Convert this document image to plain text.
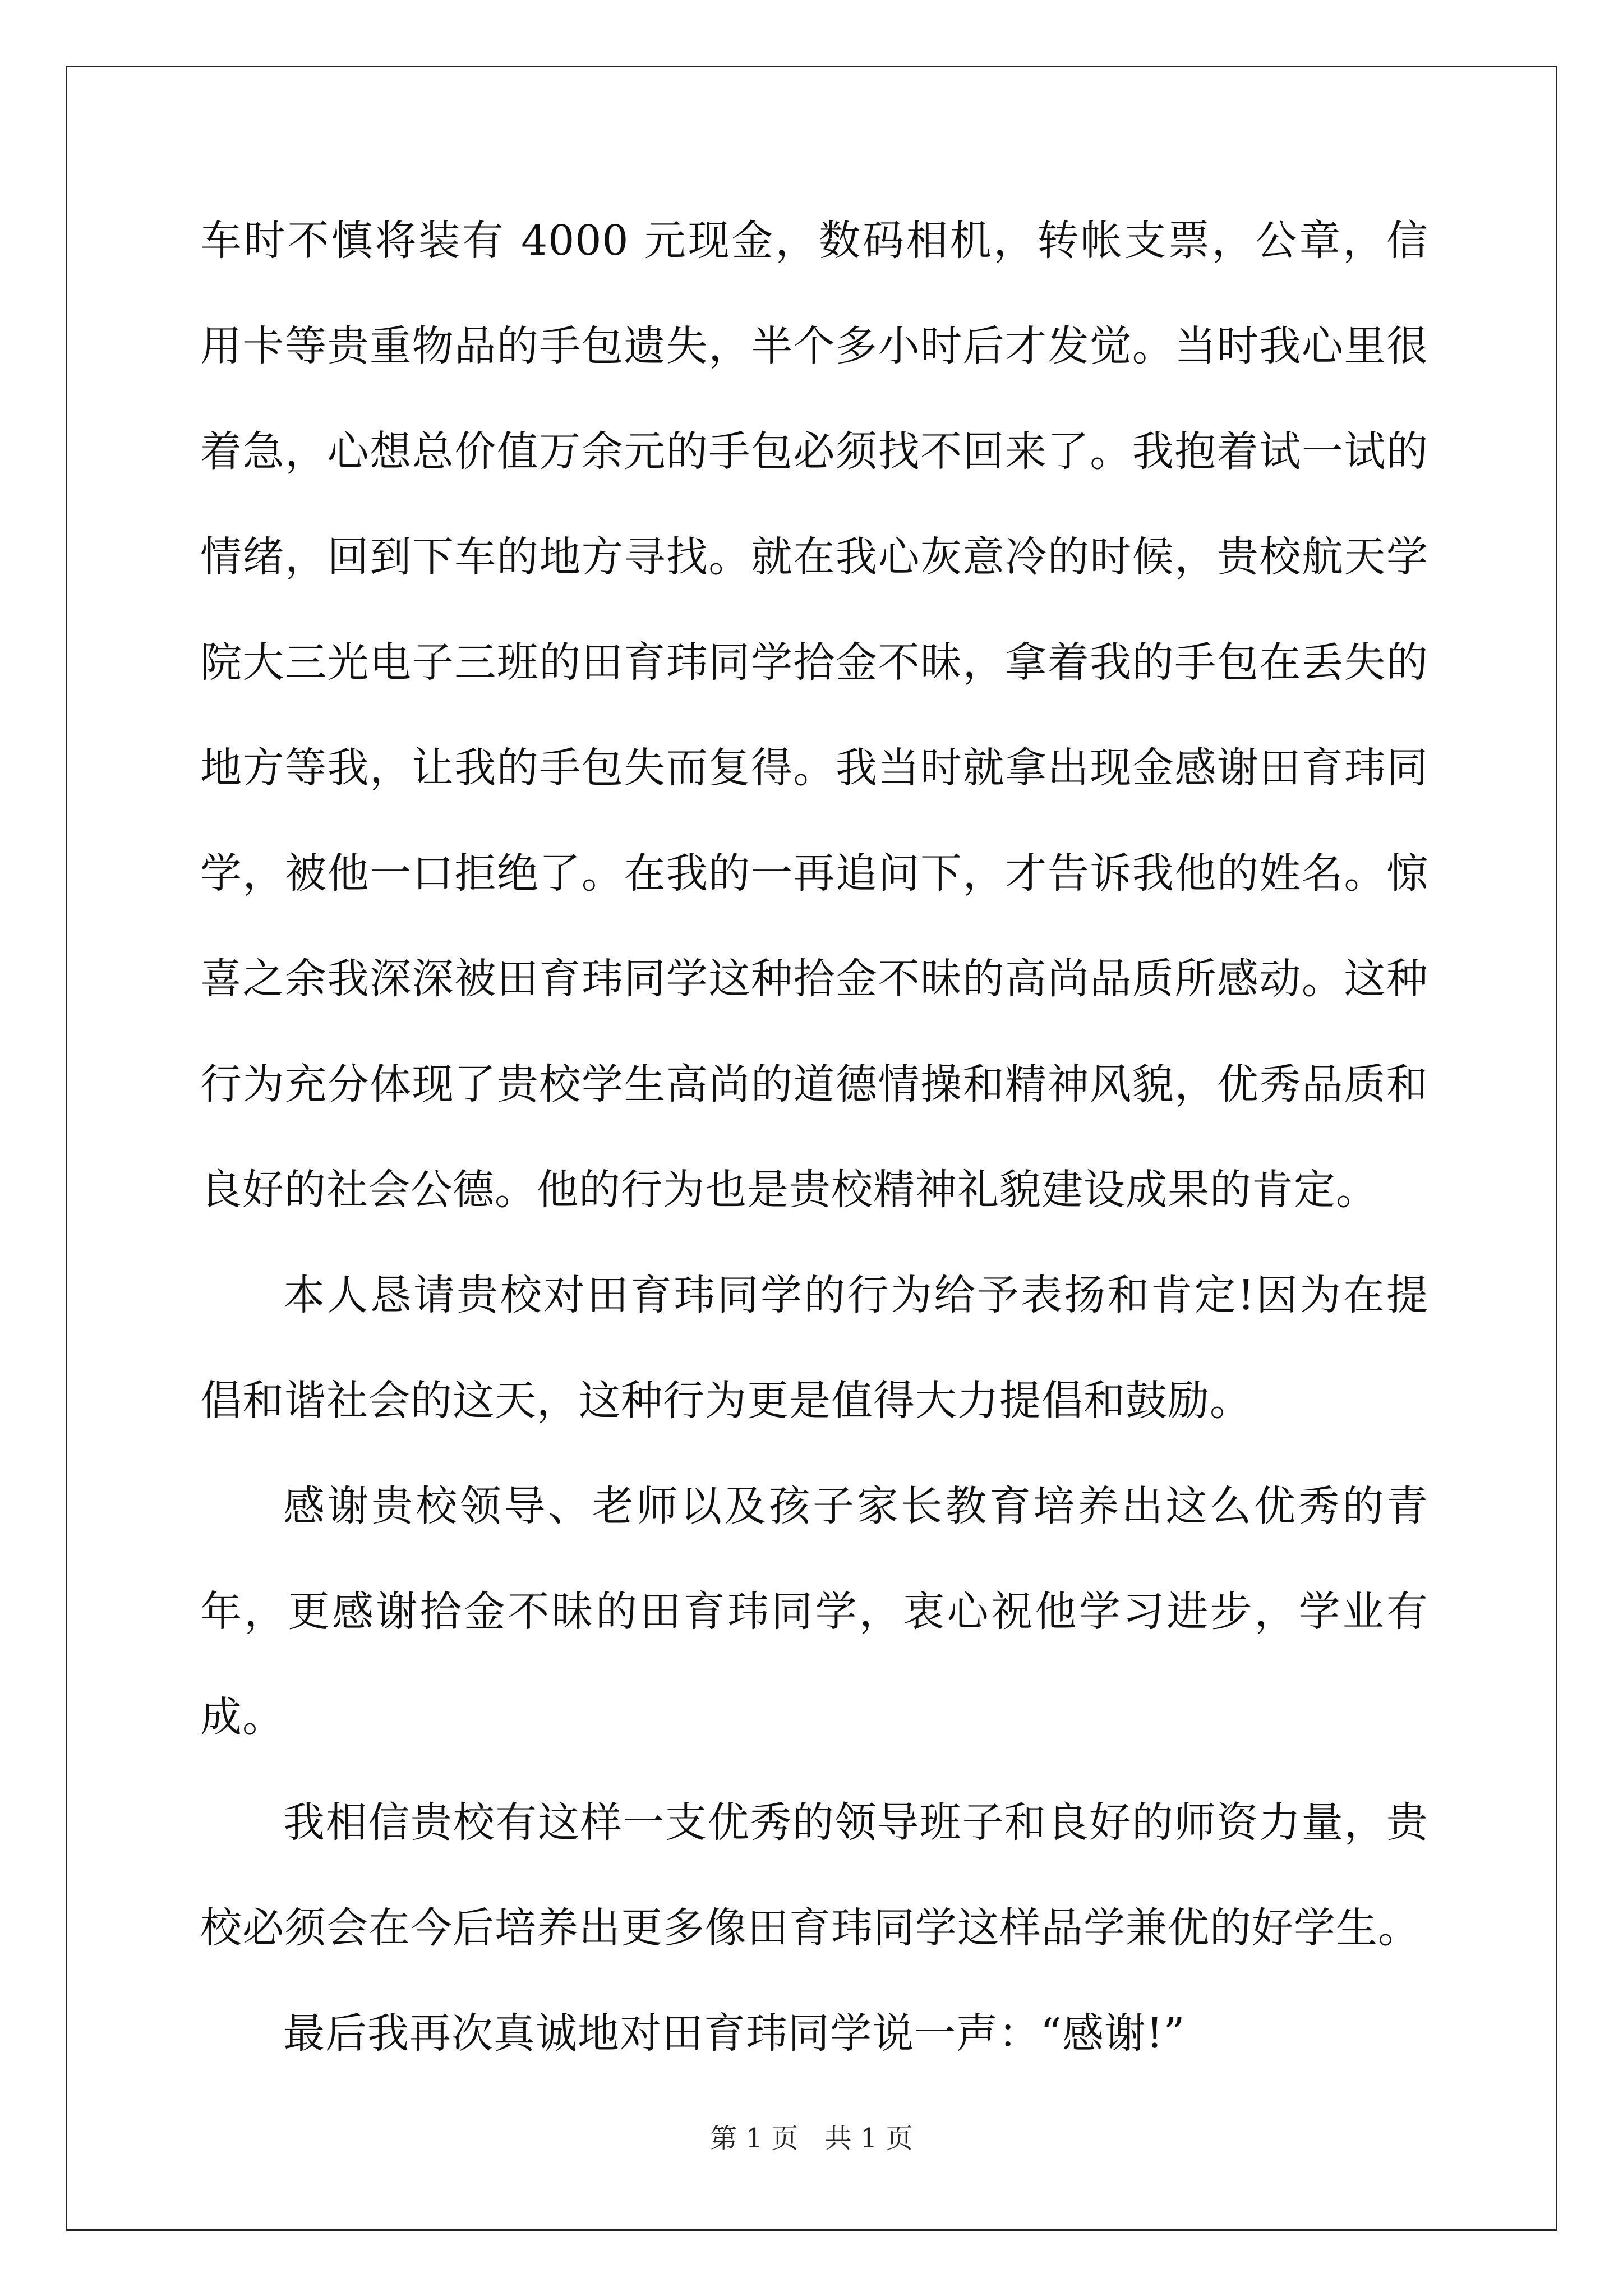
车时不慎将装有 4000 元现金，数码相机，转帐支票，公章，信用卡等贵重物品的手包遗失，半个多小时后才发觉。当时我心里很着急，心想总价值万余元的手包必须找不回来了。我抱着试一试的情绪，回到下车的地方寻找。就在我心灰意冷的时候，贵校航天学院大三光电子三班的田育玮同学拾金不昧，拿着我的手包在丢失的地方等我，让我的手包失而复得。我当时就拿出现金感谢田育玮同学，被他一口拒绝了。在我的一再追问下，才告诉我他的姓名。惊喜之余我深深被田育玮同学这种拾金不昧的高尚品质所感动。这种行为充分体现了贵校学生高尚的道德情操和精神风貌，优秀品质和良好的社会公德。他的行为也是贵校精神礼貌建设成果的肯定。

本人恳请贵校对田育玮同学的行为给予表扬和肯定!因为在提倡和谐社会的这天，这种行为更是值得大力提倡和鼓励。

感谢贵校领导、老师以及孩子家长教育培养出这么优秀的青年，更感谢拾金不昧的田育玮同学，衷心祝他学习进步，学业有成。

我相信贵校有这样一支优秀的领导班子和良好的师资力量，贵校必须会在今后培养出更多像田育玮同学这样品学兼优的好学生。

最后我再次真诚地对田育玮同学说一声：“感谢!”

第 1 页 共 1 页
